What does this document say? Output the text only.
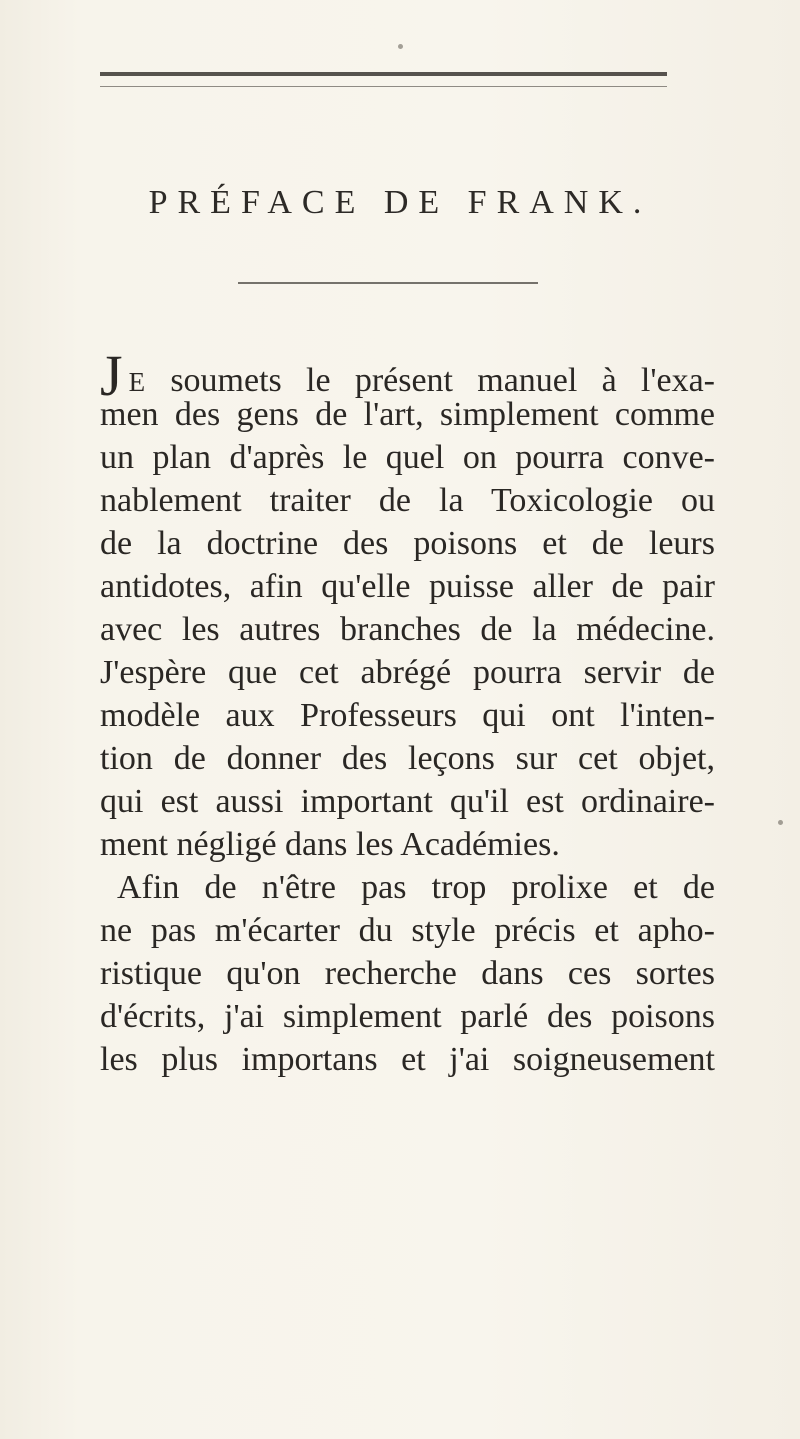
PRÉFACE DE FRANK.
J E soumets le présent manuel à l'exa-
men des gens de l'art, simplement comme
un plan d'après le quel on pourra conve-
nablement traiter de la Toxicologie ou
de la doctrine des poisons et de leurs
antidotes, afin qu'elle puisse aller de pair
avec les autres branches de la médecine.
J'espère que cet abrégé pourra servir de
modèle aux Professeurs qui ont l'inten-
tion de donner des leçons sur cet objet,
qui est aussi important qu'il est ordinaire-
ment négligé dans les Académies.
Afin de n'être pas trop prolixe et de
ne pas m'écarter du style précis et apho-
ristique qu'on recherche dans ces sortes
d'écrits, j'ai simplement parlé des poisons
les plus importans et j'ai soigneusement
